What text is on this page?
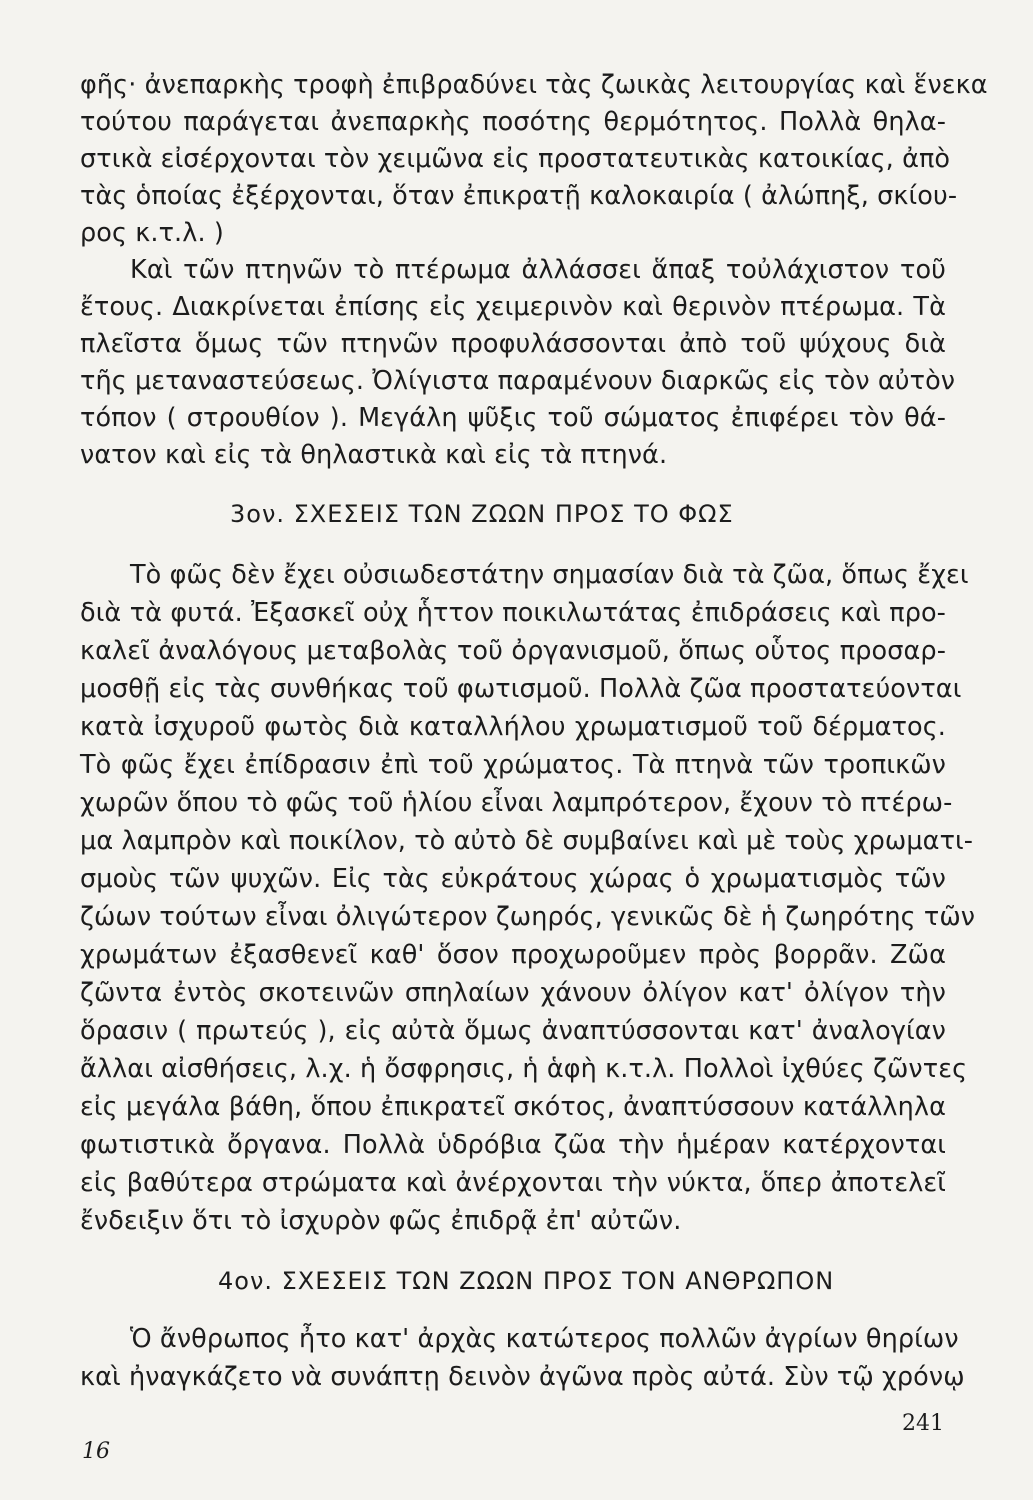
φῆς· ἀνεπαρκὴς τροφὴ ἐπιβραδύνει τὰς ζωικὰς λειτουργίας καὶ ἕνεκα
τούτου παράγεται ἀνεπαρκὴς ποσότης θερμότητος. Πολλὰ θηλα-
στικὰ εἰσέρχονται τὸν χειμῶνα εἰς προστατευτικὰς κατοικίας, ἀπὸ
τὰς ὁποίας ἐξέρχονται, ὅταν ἐπικρατῇ καλοκαιρία ( ἀλώπηξ, σκίου-
ρος κ.τ.λ. )
Καὶ τῶν πτηνῶν τὸ πτέρωμα ἀλλάσσει ἅπαξ τοὐλάχιστον τοῦ
ἔτους. Διακρίνεται ἐπίσης εἰς χειμερινὸν καὶ θερινὸν πτέρωμα. Τὰ
πλεῖστα ὅμως τῶν πτηνῶν προφυλάσσονται ἀπὸ τοῦ ψύχους διὰ
τῆς μεταναστεύσεως. Ὀλίγιστα παραμένουν διαρκῶς εἰς τὸν αὐτὸν
τόπον ( στρουθίον ). Μεγάλη ψῦξις τοῦ σώματος ἐπιφέρει τὸν θά-
νατον καὶ εἰς τὰ θηλαστικὰ καὶ εἰς τὰ πτηνά.
3ον. ΣΧΕΣΕΙΣ ΤΩΝ ΖΩΩΝ ΠΡΟΣ ΤΟ ΦΩΣ
Τὸ φῶς δὲν ἔχει οὐσιωδεστάτην σημασίαν διὰ τὰ ζῶα, ὅπως ἔχει
διὰ τὰ φυτά. Ἐξασκεῖ οὐχ ἧττον ποικιλωτάτας ἐπιδράσεις καὶ προ-
καλεῖ ἀναλόγους μεταβολὰς τοῦ ὀργανισμοῦ, ὅπως οὗτος προσαρ-
μοσθῇ εἰς τὰς συνθήκας τοῦ φωτισμοῦ. Πολλὰ ζῶα προστατεύονται
κατὰ ἰσχυροῦ φωτὸς διὰ καταλλήλου χρωματισμοῦ τοῦ δέρματος.
Τὸ φῶς ἔχει ἐπίδρασιν ἐπὶ τοῦ χρώματος. Τὰ πτηνὰ τῶν τροπικῶν
χωρῶν ὅπου τὸ φῶς τοῦ ἡλίου εἶναι λαμπρότερον, ἔχουν τὸ πτέρω-
μα λαμπρὸν καὶ ποικίλον, τὸ αὐτὸ δὲ συμβαίνει καὶ μὲ τοὺς χρωματι-
σμοὺς τῶν ψυχῶν. Εἰς τὰς εὐκράτους χώρας ὁ χρωματισμὸς τῶν
ζώων τούτων εἶναι ὀλιγώτερον ζωηρός, γενικῶς δὲ ἡ ζωηρότης τῶν
χρωμάτων ἐξασθενεῖ καθ' ὅσον προχωροῦμεν πρὸς βορρᾶν. Ζῶα
ζῶντα ἐντὸς σκοτεινῶν σπηλαίων χάνουν ὀλίγον κατ' ὀλίγον τὴν
ὅρασιν ( πρωτεύς ), εἰς αὐτὰ ὅμως ἀναπτύσσονται κατ' ἀναλογίαν
ἄλλαι αἰσθήσεις, λ.χ. ἡ ὄσφρησις, ἡ ἁφὴ κ.τ.λ. Πολλοὶ ἰχθύες ζῶντες
εἰς μεγάλα βάθη, ὅπου ἐπικρατεῖ σκότος, ἀναπτύσσουν κατάλληλα
φωτιστικὰ ὄργανα. Πολλὰ ὑδρόβια ζῶα τὴν ἡμέραν κατέρχονται
εἰς βαθύτερα στρώματα καὶ ἀνέρχονται τὴν νύκτα, ὅπερ ἀποτελεῖ
ἔνδειξιν ὅτι τὸ ἰσχυρὸν φῶς ἐπιδρᾷ ἐπ' αὐτῶν.
4ον. ΣΧΕΣΕΙΣ ΤΩΝ ΖΩΩΝ ΠΡΟΣ ΤΟΝ ΑΝΘΡΩΠΟΝ
Ὁ ἄνθρωπος ἦτο κατ' ἀρχὰς κατώτερος πολλῶν ἀγρίων θηρίων
καὶ ἠναγκάζετο νὰ συνάπτῃ δεινὸν ἀγῶνα πρὸς αὐτά. Σὺν τῷ χρόνῳ
241
16
